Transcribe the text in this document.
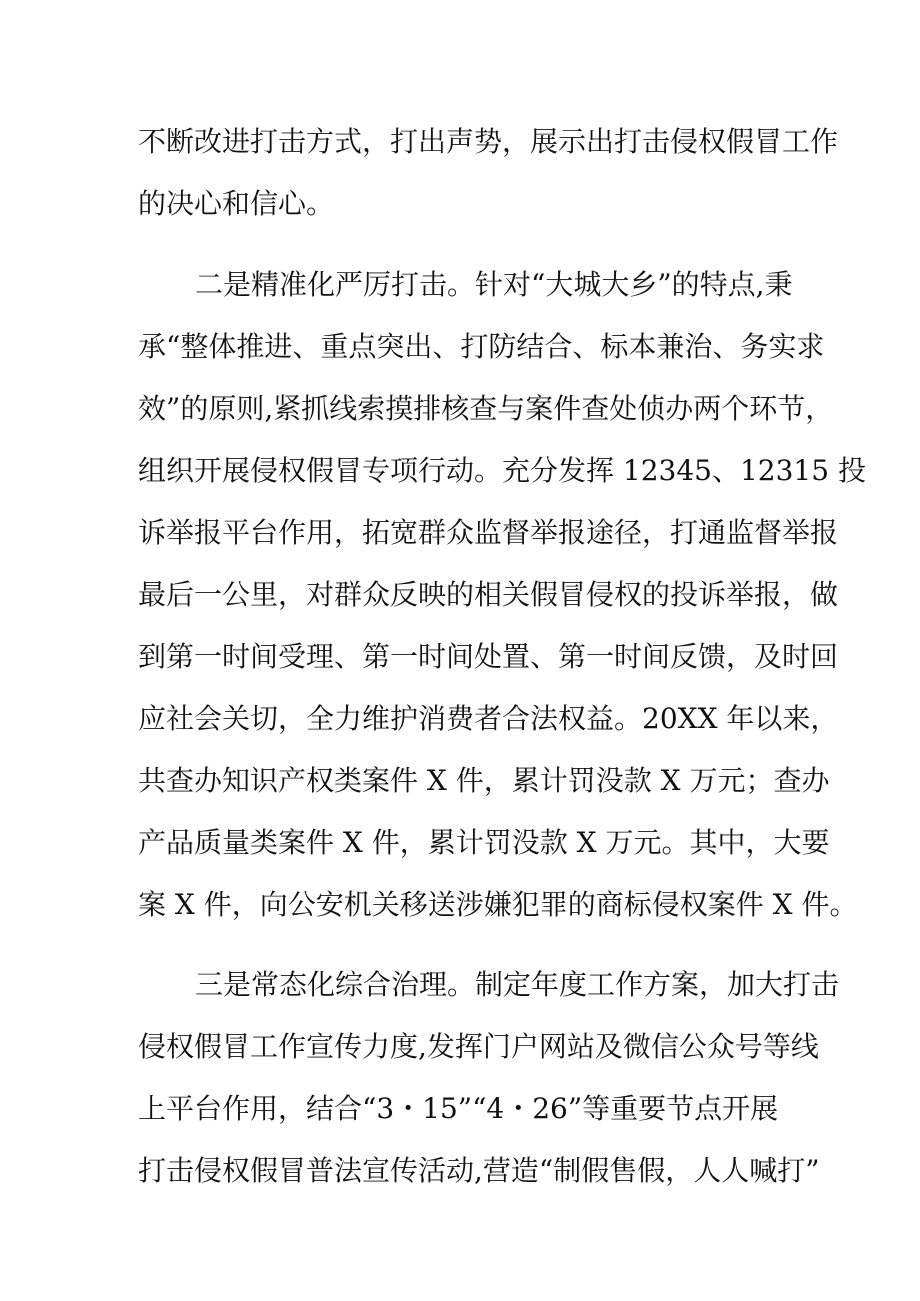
不断改进打击方式，打出声势，展示出打击侵权假冒工作
的决心和信心。
二是精准化严厉打击。针对“大城大乡”的特点,秉
承“整体推进、重点突出、打防结合、标本兼治、务实求
效”的原则,紧抓线索摸排核查与案件查处侦办两个环节，
组织开展侵权假冒专项行动。充分发挥 12345、12315 投
诉举报平台作用，拓宽群众监督举报途径，打通监督举报
最后一公里，对群众反映的相关假冒侵权的投诉举报，做
到第一时间受理、第一时间处置、第一时间反馈，及时回
应社会关切，全力维护消费者合法权益。20XX 年以来，
共查办知识产权类案件 X 件，累计罚没款 X 万元；查办
产品质量类案件 X 件，累计罚没款 X 万元。其中，大要
案 X 件，向公安机关移送涉嫌犯罪的商标侵权案件 X 件。
三是常态化综合治理。制定年度工作方案，加大打击
侵权假冒工作宣传力度,发挥门户网站及微信公众号等线
上平台作用，结合“3・15”“4・26”等重要节点开展
打击侵权假冒普法宣传活动,营造“制假售假，人人喊打”
